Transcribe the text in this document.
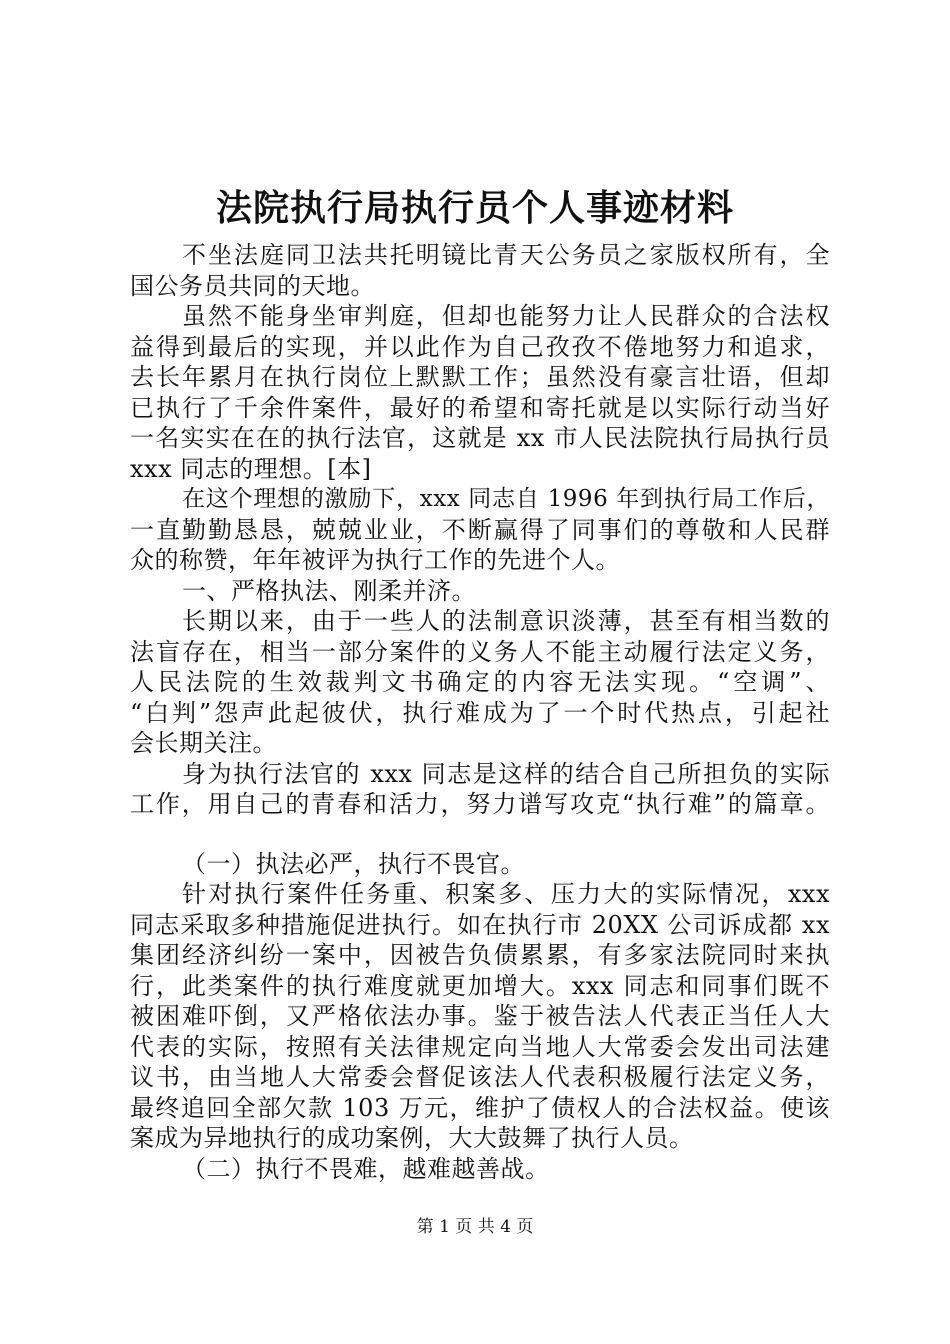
法院执行局执行员个人事迹材料
不坐法庭同卫法共托明镜比青天公务员之家版权所有，全
国公务员共同的天地。
虽然不能身坐审判庭，但却也能努力让人民群众的合法权
益得到最后的实现，并以此作为自己孜孜不倦地努力和追求，
去长年累月在执行岗位上默默工作；虽然没有豪言壮语，但却
已执行了千余件案件，最好的希望和寄托就是以实际行动当好
一名实实在在的执行法官，这就是 xx 市人民法院执行局执行员
xxx 同志的理想。[本]
在这个理想的激励下，xxx 同志自 1996 年到执行局工作后，
一直勤勤恳恳，兢兢业业，不断赢得了同事们的尊敬和人民群
众的称赞，年年被评为执行工作的先进个人。
一、严格执法、刚柔并济。
长期以来，由于一些人的法制意识淡薄，甚至有相当数的
法盲存在，相当一部分案件的义务人不能主动履行法定义务，
人民法院的生效裁判文书确定的内容无法实现。“空调”、
“白判”怨声此起彼伏，执行难成为了一个时代热点，引起社
会长期关注。
身为执行法官的 xxx 同志是这样的结合自己所担负的实际
工作，用自己的青春和活力，努力谱写攻克“执行难”的篇章。
（一）执法必严，执行不畏官。
针对执行案件任务重、积案多、压力大的实际情况，xxx
同志采取多种措施促进执行。如在执行市 20XX 公司诉成都 xx
集团经济纠纷一案中，因被告负债累累，有多家法院同时来执
行，此类案件的执行难度就更加增大。xxx 同志和同事们既不
被困难吓倒，又严格依法办事。鉴于被告法人代表正当任人大
代表的实际，按照有关法律规定向当地人大常委会发出司法建
议书，由当地人大常委会督促该法人代表积极履行法定义务，
最终追回全部欠款 103 万元，维护了债权人的合法权益。使该
案成为异地执行的成功案例，大大鼓舞了执行人员。
（二）执行不畏难，越难越善战。
第 1 页 共 4 页
